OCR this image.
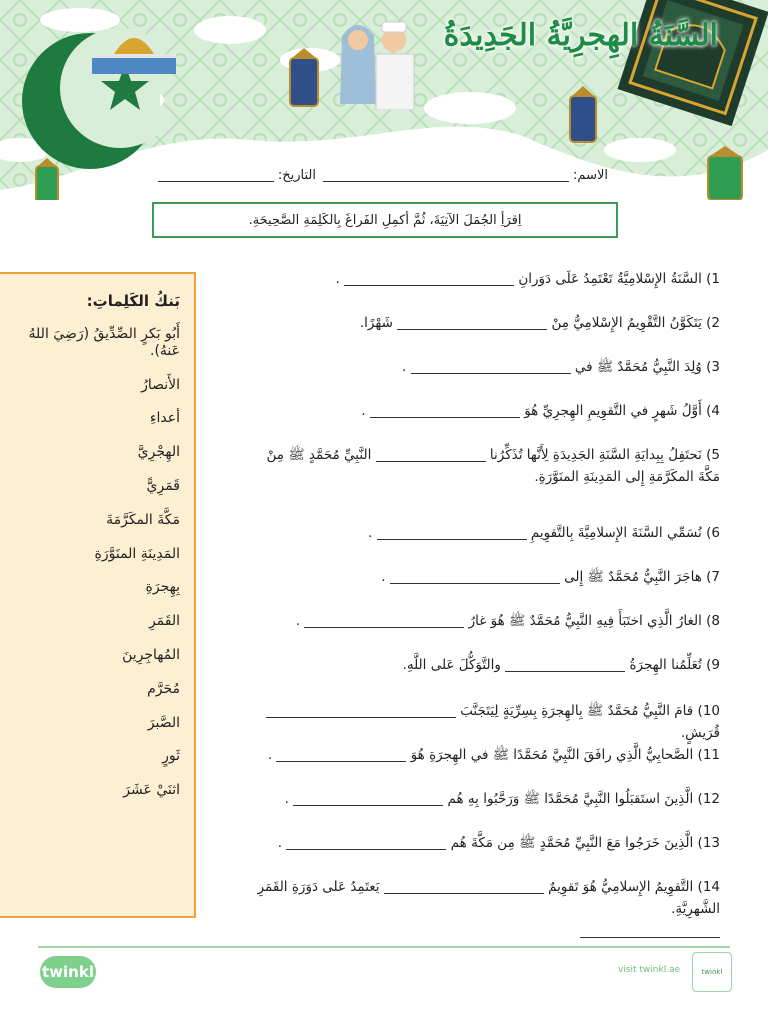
السَّنَةُ الهِجرِيَّةُ الجَدِيدَةُ
الاسم:
التاريخ:
اِقرَأِ الجُمَلَ الآتِيَةَ، ثُمَّ أكمِلِ الفَراغَ بِالكَلِمَةِ الصَّحِيحَةِ.
بَنكُ الكَلِماتِ:
أَبُو بَكرٍ الصِّدِّيقُ (رَضِيَ اللهُ عَنهُ).
الأَنصارُ
أعداءِ
الهِجْرِيَّ
قَمَرِيًّ
مَكَّةَ المكَرَّمَةَ
المَدِينَةِ المنَوَّرَةِ
بِهِجرَةِ
القَمَرِ
المُهاجِرِينَ
مُحَرَّم
الصَّبرَ
ثَورٍ
اثنَيْ عَشَرَ
1) السَّنَةُ الإِسْلامِيَّةُ تَعْتَمِدُ عَلَى دَوَرانِ  .
2) يَتَكَوَّنُ التَّقْوِيمُ الإِسْلامِيُّ مِنْ  شَهْرًا.
3) وُلِدَ النَّبِيُّ مُحَمَّدٌ ﷺ في  .
4) أَوَّلُ شَهرٍ في التَّقوِيمِ الهِجرِيِّ هُوَ  .
5) نَحتَفِلُ بِبِدايَةِ السَّنَةِ الجَدِيدَةِ لِأَنَّها تُذَكِّرُنا  النَّبِيِّ مُحَمَّدٍ ﷺ مِنْ
مَكَّةَ المكَرَّمَةِ إِلى المَدِينَةِ المنَوَّرَةِ.
6) نُسَمِّي السَّنَةَ الإِسلامِيَّةَ بِالتَّقوِيمِ  .
7) هاجَرَ النَّبِيُّ مُحَمَّدٌ ﷺ إِلى  .
8) الغارُ الَّذِي اختَبَأَ فِيهِ النَّبِيُّ مُحَمَّدٌ ﷺ هُوَ غارُ  .
9) تُعَلِّمُنا الهِجرَةُ  والتَّوَكُّلَ عَلى اللَّهِ.
10) قامَ النَّبِيُّ مُحَمَّدٌ ﷺ بِالهِجرَةِ بِسِرِّيَةٍ لِيَتَجَنَّبَ  قُرَيشٍ.
11) الصَّحابِيُّ الَّذِي رافَقَ النَّبِيَّ مُحَمَّدًا ﷺ في الهِجرَةِ هُوَ  .
12) الَّذِينَ استَقبَلُوا النَّبِيَّ مُحَمَّدًا ﷺ وَرَحَّبُوا بِهِ هُم  .
13) الَّذِينَ خَرَجُوا مَعَ النَّبِيِّ مُحَمَّدٍ ﷺ مِن مَكَّةَ هُم  .
14) التَّقوِيمُ الإِسلامِيُّ هُوَ تَقوِيمٌ  يَعتَمِدُ عَلى دَوَرَةِ القَمَرِ الشَّهرِيَّةِ.
twinkl	visit twinkl.ae	twinkl
